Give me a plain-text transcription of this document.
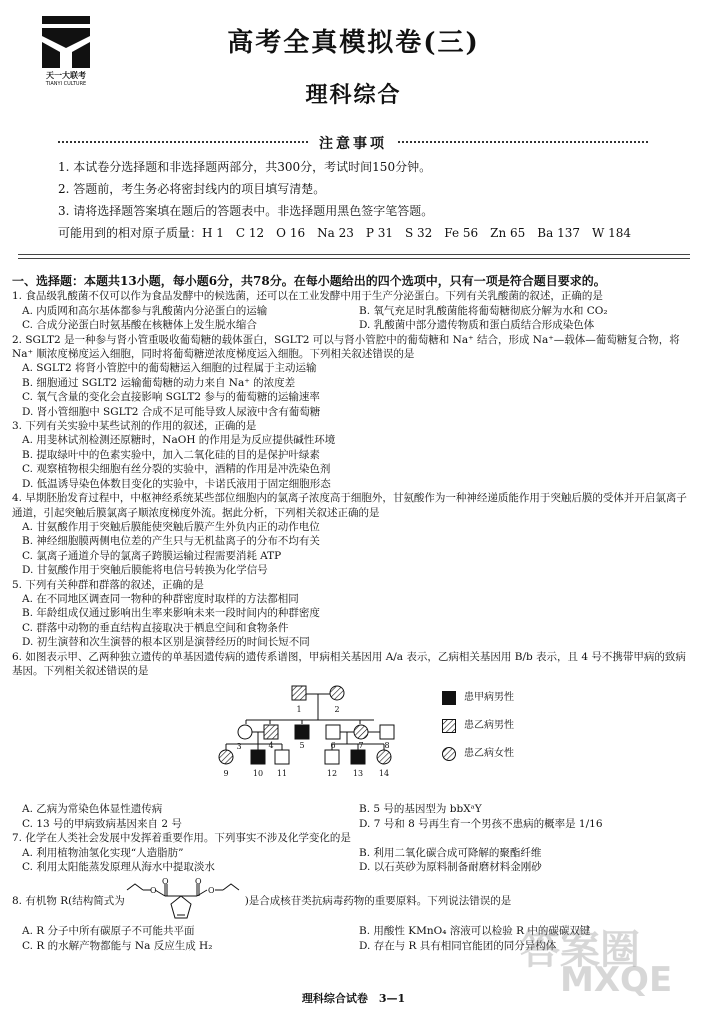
天一大联考
TIANYI CULTURE
高考全真模拟卷(三)
理科综合
注意事项
1. 本试卷分选择题和非选择题两部分，共300分，考试时间150分钟。
2. 答题前，考生务必将密封线内的项目填写清楚。
3. 请将选择题答案填在题后的答题表中。非选择题用黑色签字笔答题。
可能用到的相对原子质量：H 1　C 12　O 16　Na 23　P 31　S 32　Fe 56　Zn 65　Ba 137　W 184
一、选择题：本题共13小题，每小题6分，共78分。在每小题给出的四个选项中，只有一项是符合题目要求的。
1. 食品级乳酸菌不仅可以作为食品发酵中的候选菌，还可以在工业发酵中用于生产分泌蛋白。下列有关乳酸菌的叙述，正确的是
A. 内质网和高尔基体都参与乳酸菌内分泌蛋白的运输	B. 氧气充足时乳酸菌能将葡萄糖彻底分解为水和 CO₂
C. 合成分泌蛋白时氨基酸在核糖体上发生脱水缩合	D. 乳酸菌中部分遗传物质和蛋白质结合形成染色体
2. SGLT2 是一种参与肾小管重吸收葡萄糖的载体蛋白，SGLT2 可以与肾小管腔中的葡萄糖和 Na⁺ 结合，形成 Na⁺—载体—葡萄糖复合物，将 Na⁺ 顺浓度梯度运入细胞，同时将葡萄糖逆浓度梯度运入细胞。下列相关叙述错误的是
A. SGLT2 将肾小管腔中的葡萄糖运入细胞的过程属于主动运输
B. 细胞通过 SGLT2 运输葡萄糖的动力来自 Na⁺ 的浓度差
C. 氧气含量的变化会直接影响 SGLT2 参与的葡萄糖的运输速率
D. 肾小管细胞中 SGLT2 合成不足可能导致人尿液中含有葡萄糖
3. 下列有关实验中某些试剂的作用的叙述，正确的是
A. 用斐林试剂检测还原糖时，NaOH 的作用是为反应提供碱性环境
B. 提取绿叶中的色素实验中，加入二氧化硅的目的是保护叶绿素
C. 观察植物根尖细胞有丝分裂的实验中，酒精的作用是冲洗染色剂
D. 低温诱导染色体数目变化的实验中，卡诺氏液用于固定细胞形态
4. 早期胚胎发育过程中，中枢神经系统某些部位细胞内的氯离子浓度高于细胞外，甘氨酸作为一种神经递质能作用于突触后膜的受体并开启氯离子通道，引起突触后膜氯离子顺浓度梯度外流。据此分析，下列相关叙述正确的是
A. 甘氨酸作用于突触后膜能使突触后膜产生外负内正的动作电位
B. 神经细胞膜两侧电位差的产生只与无机盐离子的分布不均有关
C. 氯离子通道介导的氯离子跨膜运输过程需要消耗 ATP
D. 甘氨酸作用于突触后膜能将电信号转换为化学信号
5. 下列有关种群和群落的叙述，正确的是
A. 在不同地区调查同一物种的种群密度时取样的方法都相同
B. 年龄组成仅通过影响出生率来影响未来一段时间内的种群密度
C. 群落中动物的垂直结构直接取决于栖息空间和食物条件
D. 初生演替和次生演替的根本区别是演替经历的时间长短不同
6. 如图表示甲、乙两种独立遗传的单基因遗传病的遗传系谱图，甲病相关基因用 A/a 表示，乙病相关基因用 B/b 表示，且 4 号不携带甲病的致病基因。下列相关叙述错误的是
1	2
3	4	5	6	7	8
9	10 11	12 13 14
患甲病男性
患乙病男性
患乙病女性
A. 乙病为常染色体显性遗传病	B. 5 号的基因型为 bbXᵃY
C. 13 号的甲病致病基因来自 2 号	D. 7 号和 8 号再生育一个男孩不患病的概率是 1/16
7. 化学在人类社会发展中发挥着重要作用。下列事实不涉及化学变化的是
A. 利用植物油氢化实现“人造脂肪”	B. 利用二氧化碳合成可降解的聚酯纤维
C. 利用太阳能蒸发原理从海水中提取淡水	D. 以石英砂为原料制备耐磨材料金刚砂
8. 有机物 R(结构简式为
O
O	O
O
)是合成核苷类抗病毒药物的重要原料。下列说法错误的是
A. R 分子中所有碳原子不可能共平面	B. 用酸性 KMnO₄ 溶液可以检验 R 中的碳碳双键
C. R 的水解产物都能与 Na 反应生成 H₂	D. 存在与 R 具有相同官能团的同分异构体
答案圈
MXQE
理科综合试卷　3—1
